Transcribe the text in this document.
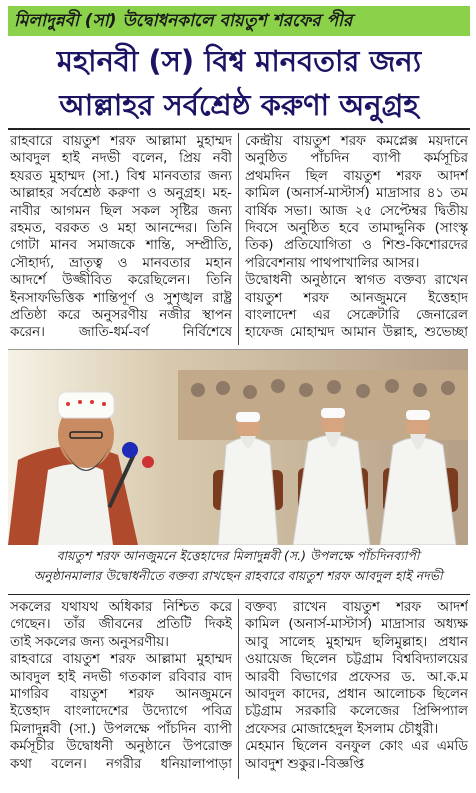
মিলাদুন্নবী (সা) উদ্বোধনকালে বায়তুশ শরফের পীর
মহানবী (স) বিশ্ব মানবতার জন্য
আল্লাহর সর্বশ্রেষ্ঠ করুণা অনুগ্রহ

রাহবারে বায়তুশ শরফ আল্লামা মুহাম্মদ

আবদুল হাই নদভী বলেন, প্রিয় নবী

হযরত মুহাম্মদ (সা.) বিশ্ব মানবতার জন্য

আল্লাহর সর্বশ্রেষ্ঠ করুণা ও অনুগ্রহ। মহ-

নাবীর আগমন ছিল সকল সৃষ্টির জন্য

রহমত, বরকত ও মহা আনন্দের। তিনি

গোটা মানব সমাজকে শান্তি, সম্প্রীতি,

সৌহার্দ্য, ভ্রাতৃত্ব ও মানবতার মহান

আদর্শে উজ্জীবিত করেছিলেন। তিনি

ইনসাফভিত্তিক শান্তিপূর্ণ ও সুশৃঙ্খল রাষ্ট্র

প্রতিষ্ঠা করে অনুসরণীয় নজীর স্থাপন

করেন। জাতি-ধর্ম-বর্ণ নির্বিশেষে

কেন্দ্রীয় বায়তুশ শরফ কমপ্লেক্স ময়দানে

অনুষ্ঠিত পাঁচদিন ব্যাপী কর্মসূচির

প্রথমদিন ছিল বায়তুশ শরফ আদর্শ

কামিল (অনার্স-মাস্টার্স) মাদ্রাসার ৪১ তম

বার্ষিক সভা। আজ ২৫ সেপ্টেম্বর দ্বিতীয়

দিবসে অনুষ্ঠিত হবে তামাদ্দুনিক (সাংস্কৃ

তিক) প্রতিযোগিতা ও শিশু-কিশোরদের

পরিবেশনায় পাথপাখালির আসর।

উদ্বোধনী অনুষ্ঠানে স্বাগত বক্তব্য রাখেন

বায়তুশ শরফ আনজুমনে ইত্তেহাদ

বাংলাদেশ এর সেক্রেটারি জেনারেল

হাফেজ মোহাম্মদ আমান উল্লাহ, শুভেচ্ছা

বায়তুশ শরফ আনজুমনে ইত্তেহাদের মিলাদুন্নবী (স.) উপলক্ষে পাঁচদিনব্যাপী
অনুষ্ঠানমালার উদ্বোধনীতে বক্তব্য রাখছেন রাহবারে বায়তুশ শরফ আবদুল হাই নদভী

সকলের যথাযথ অধিকার নিশ্চিত করে

গেছেন। তাঁর জীবনের প্রতিটি দিকই

তাই সকলের জন্য অনুসরণীয়।

রাহবারে বায়তুশ শরফ আল্লামা মুহাম্মদ

আবদুল হাই নদভী গতকাল রবিবার বাদ

মাগরিব বায়তুশ শরফ আনজুমনে

ইত্তেহাদ বাংলাদেশের উদ্যোগে পবিত্র

মিলাদুন্নবী (সা.) উপলক্ষে পাঁচদিন ব্যাপী

কর্মসূচীর উদ্বোধনী অনুষ্ঠানে উপরোক্ত

কথা বলেন। নগরীর ধনিয়ালাপাড়া

বক্তব্য রাখেন বায়তুশ শরফ আদর্শ

কামিল (অনার্স-মাস্টার্স) মাদ্রাসার অধ্যক্ষ

আবু সালেহ মুহাম্মদ ছলিমুল্লাহ। প্রধান

ওয়ায়েজ ছিলেন চট্টগ্রাম বিশ্ববিদ্যালয়ের

আরবী বিভাগের প্রফেসর ড. আ.ক.ম

আবদুল কাদের, প্রধান আলোচক ছিলেন

চট্টগ্রাম সরকারি কলেজের প্রিন্সিপ্যাল

প্রফেসর মোজাহেদুল ইসলাম চৌধুরী।

মেহমান ছিলেন বনফুল কোং এর এমডি

আবদুশ শুকুর।-বিজ্ঞপ্তি
